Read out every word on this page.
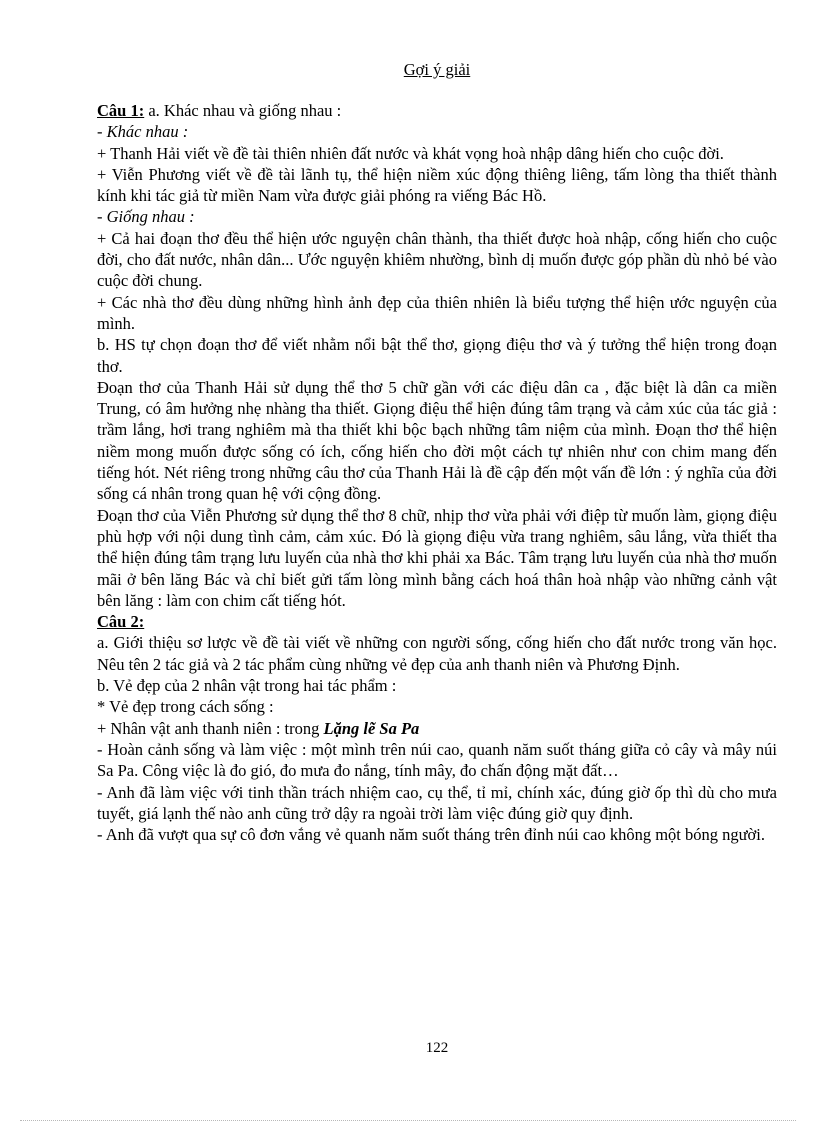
Gợi ý giải

Câu 1: a. Khác nhau và giống nhau :

- Khác nhau :

+ Thanh Hải viết về đề tài thiên nhiên đất nước và khát vọng hoà nhập dâng hiến cho cuộc đời.

+ Viễn Phương viết về đề tài lãnh tụ, thể hiện niềm xúc động thiêng liêng, tấm lòng tha thiết thành kính khi tác giả từ miền Nam vừa được giải phóng ra viếng Bác Hồ.

- Giống nhau :

+ Cả hai đoạn thơ đều thể hiện ước nguyện chân thành, tha thiết được hoà nhập, cống hiến cho cuộc đời, cho đất nước, nhân dân... Ước nguyện khiêm nhường, bình dị muốn được góp phần dù nhỏ bé vào cuộc đời chung.

+ Các nhà thơ đều dùng những hình ảnh đẹp của thiên nhiên là biểu tượng thể hiện ước nguyện của mình.

b. HS tự chọn đoạn thơ để viết nhằm nổi bật thể thơ, giọng điệu thơ và ý tưởng thể hiện trong đoạn thơ.

Đoạn thơ của Thanh Hải sử dụng thể thơ 5 chữ gần với các điệu dân ca , đặc biệt là dân ca miền Trung, có âm hưởng nhẹ nhàng tha thiết. Giọng điệu thể hiện đúng tâm trạng và cảm xúc của tác giả : trầm lắng, hơi trang nghiêm mà tha thiết khi bộc bạch những tâm niệm của mình. Đoạn thơ thể hiện niềm mong muốn được sống có ích, cống hiến cho đời một cách tự nhiên như con chim mang đến tiếng hót. Nét riêng trong những câu thơ của Thanh Hải là đề cập đến một vấn đề lớn : ý nghĩa của đời sống cá nhân trong quan hệ với cộng đồng.

Đoạn thơ của Viễn Phương sử dụng thể thơ 8 chữ, nhịp thơ vừa phải với điệp từ muốn làm, giọng điệu phù hợp với nội dung tình cảm, cảm xúc. Đó là giọng điệu vừa trang nghiêm, sâu lắng, vừa thiết tha thể hiện đúng tâm trạng lưu luyến của nhà thơ khi phải xa Bác. Tâm trạng lưu luyến của nhà thơ muốn mãi ở bên lăng Bác và chỉ biết gửi tấm lòng mình bằng cách hoá thân hoà nhập vào những cảnh vật bên lăng : làm con chim cất tiếng hót.

Câu 2:

a. Giới thiệu sơ lược về đề tài viết về những con người sống, cống hiến cho đất nước trong văn học. Nêu tên 2 tác giả và 2 tác phẩm cùng những vẻ đẹp của anh thanh niên và Phương Định.

b. Vẻ đẹp của 2 nhân vật trong hai tác phẩm :

* Vẻ đẹp trong cách sống :

+ Nhân vật anh thanh niên : trong Lặng lẽ Sa Pa

- Hoàn cảnh sống và làm việc : một mình trên núi cao, quanh năm suốt tháng giữa cỏ cây và mây núi Sa Pa. Công việc là đo gió, đo mưa đo nắng, tính mây, đo chấn động mặt đất…

- Anh đã làm việc với tinh thần trách nhiệm cao, cụ thể, tỉ mỉ, chính xác, đúng giờ ốp thì dù cho mưa tuyết, giá lạnh thế nào anh cũng trở dậy ra ngoài trời làm việc đúng giờ quy định.

- Anh đã vượt qua sự cô đơn vắng vẻ quanh năm suốt tháng trên đỉnh núi cao không một bóng người.

122
